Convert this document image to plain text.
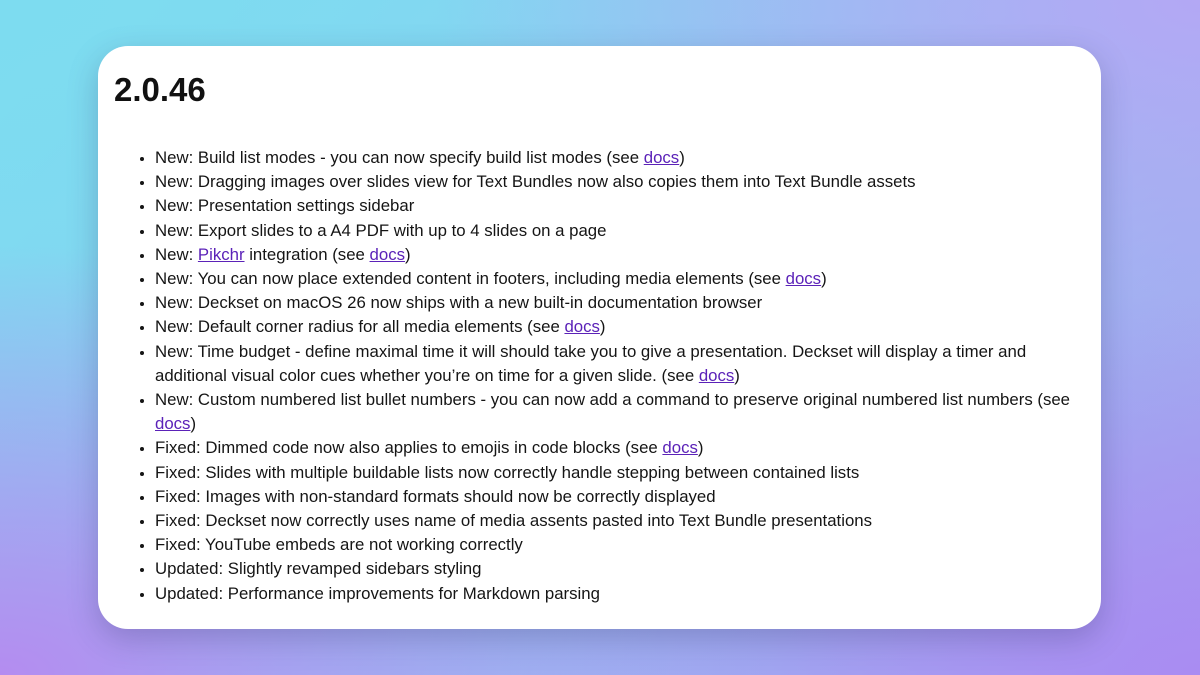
2.0.46
• New: Build list modes - you can now specify build list modes (see docs)
• New: Dragging images over slides view for Text Bundles now also copies them into Text Bundle assets
• New: Presentation settings sidebar
• New: Export slides to a A4 PDF with up to 4 slides on a page
• New: Pikchr integration (see docs)
• New: You can now place extended content in footers, including media elements (see docs)
• New: Deckset on macOS 26 now ships with a new built-in documentation browser
• New: Default corner radius for all media elements (see docs)
• New: Time budget - define maximal time it will should take you to give a presentation. Deckset will display a timer and additional visual color cues whether you’re on time for a given slide. (see docs)
• New: Custom numbered list bullet numbers - you can now add a command to preserve original numbered list numbers (see docs)
• Fixed: Dimmed code now also applies to emojis in code blocks (see docs)
• Fixed: Slides with multiple buildable lists now correctly handle stepping between contained lists
• Fixed: Images with non-standard formats should now be correctly displayed
• Fixed: Deckset now correctly uses name of media assents pasted into Text Bundle presentations
• Fixed: YouTube embeds are not working correctly
• Updated: Slightly revamped sidebars styling
• Updated: Performance improvements for Markdown parsing
